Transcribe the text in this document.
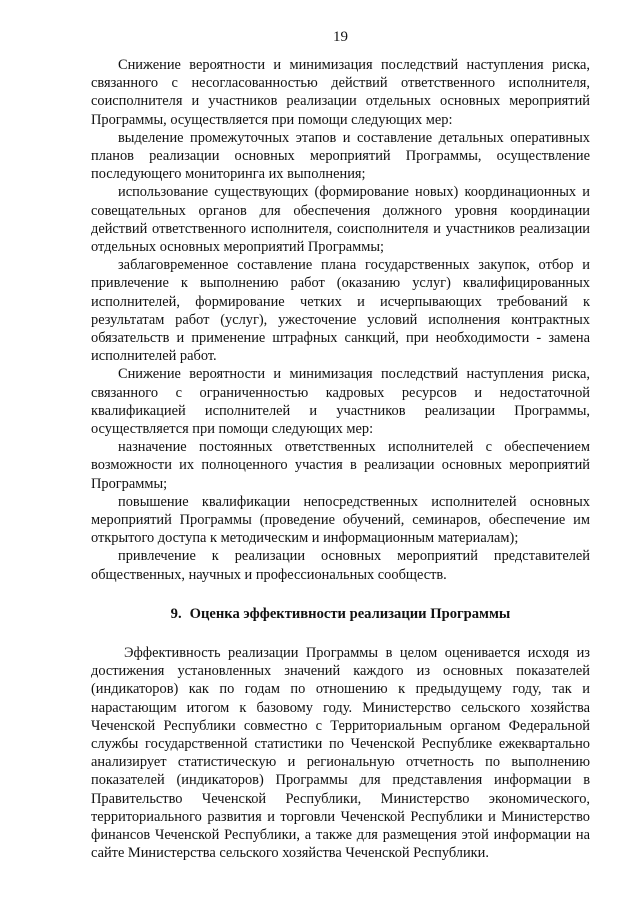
19

Снижение вероятности и минимизация последствий наступления риска, связанного с несогласованностью действий ответственного исполнителя, соисполнителя и участников реализации отдельных основных мероприятий Программы, осуществляется при помощи следующих мер:

выделение промежуточных этапов и составление детальных оперативных планов реализации основных мероприятий Программы, осуществление последующего мониторинга их выполнения;

использование существующих (формирование новых) координационных и совещательных органов для обеспечения должного уровня координации действий ответственного исполнителя, соисполнителя и участников реализации отдельных основных мероприятий Программы;

заблаговременное составление плана государственных закупок, отбор и привлечение к выполнению работ (оказанию услуг) квалифицированных исполнителей, формирование четких и исчерпывающих требований к результатам работ (услуг), ужесточение условий исполнения контрактных обязательств и применение штрафных санкций, при необходимости - замена исполнителей работ.

Снижение вероятности и минимизация последствий наступления риска, связанного с ограниченностью кадровых ресурсов и недостаточной квалификацией исполнителей и участников реализации Программы, осуществляется при помощи следующих мер:

назначение постоянных ответственных исполнителей с обеспечением возможности их полноценного участия в реализации основных мероприятий Программы;

повышение квалификации непосредственных исполнителей основных мероприятий Программы (проведение обучений, семинаров, обеспечение им открытого доступа к методическим и информационным материалам);

привлечение к реализации основных мероприятий представителей общественных, научных и профессиональных сообществ.

9. Оценка эффективности реализации Программы

Эффективность реализации Программы в целом оценивается исходя из достижения установленных значений каждого из основных показателей (индикаторов) как по годам по отношению к предыдущему году, так и нарастающим итогом к базовому году. Министерство сельского хозяйства Чеченской Республики совместно с Территориальным органом Федеральной службы государственной статистики по Чеченской Республике ежеквартально анализирует статистическую и региональную отчетность по выполнению показателей (индикаторов) Программы для представления информации в Правительство Чеченской Республики, Министерство экономического, территориального развития и торговли Чеченской Республики и Министерство финансов Чеченской Республики, а также для размещения этой информации на сайте Министерства сельского хозяйства Чеченской Республики.
